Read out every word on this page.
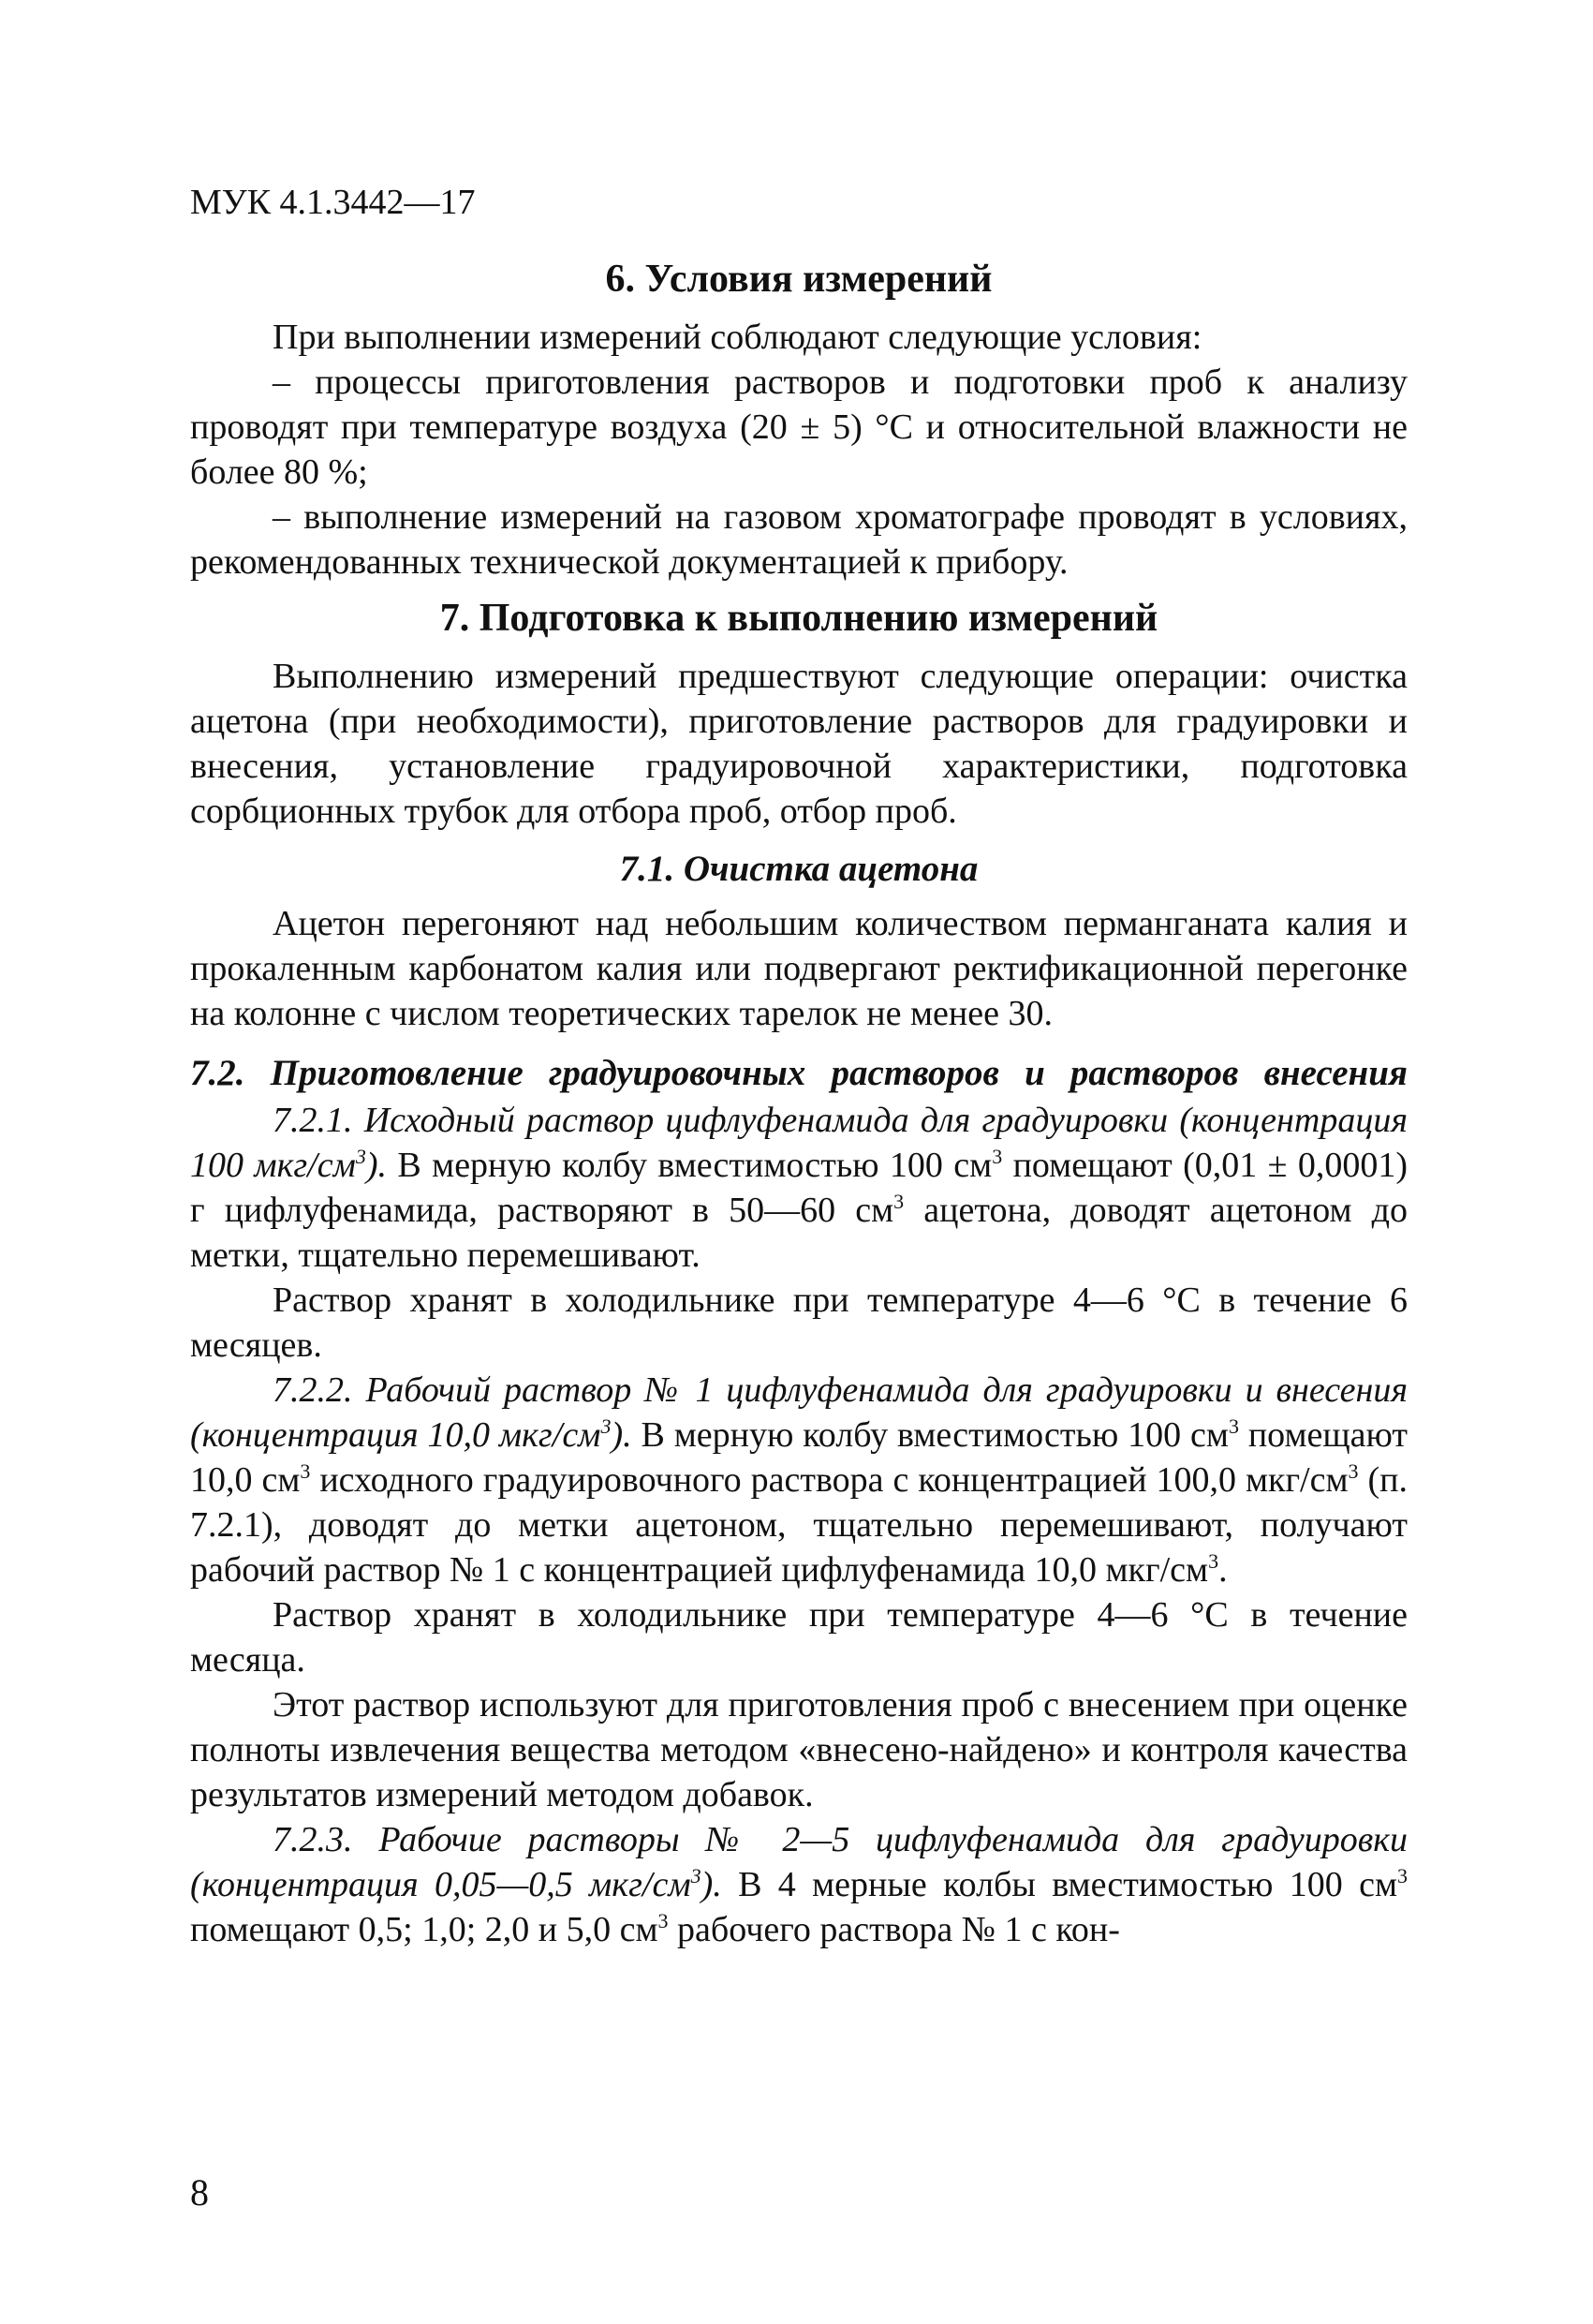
МУК 4.1.3442—17
6. Условия измерений

При выполнении измерений соблюдают следующие условия:

– процессы приготовления растворов и подготовки проб к анализу проводят при температуре воздуха (20 ± 5) °С и относительной влажности не более 80 %;

– выполнение измерений на газовом хроматографе проводят в условиях, рекомендованных технической документацией к прибору.

7. Подготовка к выполнению измерений

Выполнению измерений предшествуют следующие операции: очистка ацетона (при необходимости), приготовление растворов для градуировки и внесения, установление градуировочной характеристики, подготовка сорбционных трубок для отбора проб, отбор проб.

7.1. Очистка ацетона

Ацетон перегоняют над небольшим количеством перманганата калия и прокаленным карбонатом калия или подвергают ректификационной перегонке на колонне с числом теоретических тарелок не менее 30.

7.2. Приготовление градуировочных растворов и растворов внесения

7.2.1. Исходный раствор цифлуфенамида для градуировки (концентрация 100 мкг/$см^3$). В мерную колбу вместимостью 100 $см^3$ помещают (0,01 ± 0,0001) г цифлуфенамида, растворяют в 50—60 $см^3$ ацетона, доводят ацетоном до метки, тщательно перемешивают.

Раствор хранят в холодильнике при температуре 4—6 °С в течение 6 месяцев.

7.2.2. Рабочий раствор № 1 цифлуфенамида для градуировки и внесения (концентрация 10,0 мкг/$см^3$). В мерную колбу вместимостью 100 $см^3$ помещают 10,0 $см^3$ исходного градуировочного раствора с концентрацией 100,0 мкг/$см^3$ (п. 7.2.1), доводят до метки ацетоном, тщательно перемешивают, получают рабочий раствор № 1 с концентрацией цифлуфенамида 10,0 мкг/$см^3$.

Раствор хранят в холодильнике при температуре 4—6 °С в течение месяца.

Этот раствор используют для приготовления проб с внесением при оценке полноты извлечения вещества методом «внесено-найдено» и контроля качества результатов измерений методом добавок.

7.2.3. Рабочие растворы № 2—5 цифлуфенамида для градуировки (концентрация 0,05—0,5 мкг/$см^3$). В 4 мерные колбы вместимостью 100 $см^3$ помещают 0,5; 1,0; 2,0 и 5,0 $см^3$ рабочего раствора № 1 с кон-

8
